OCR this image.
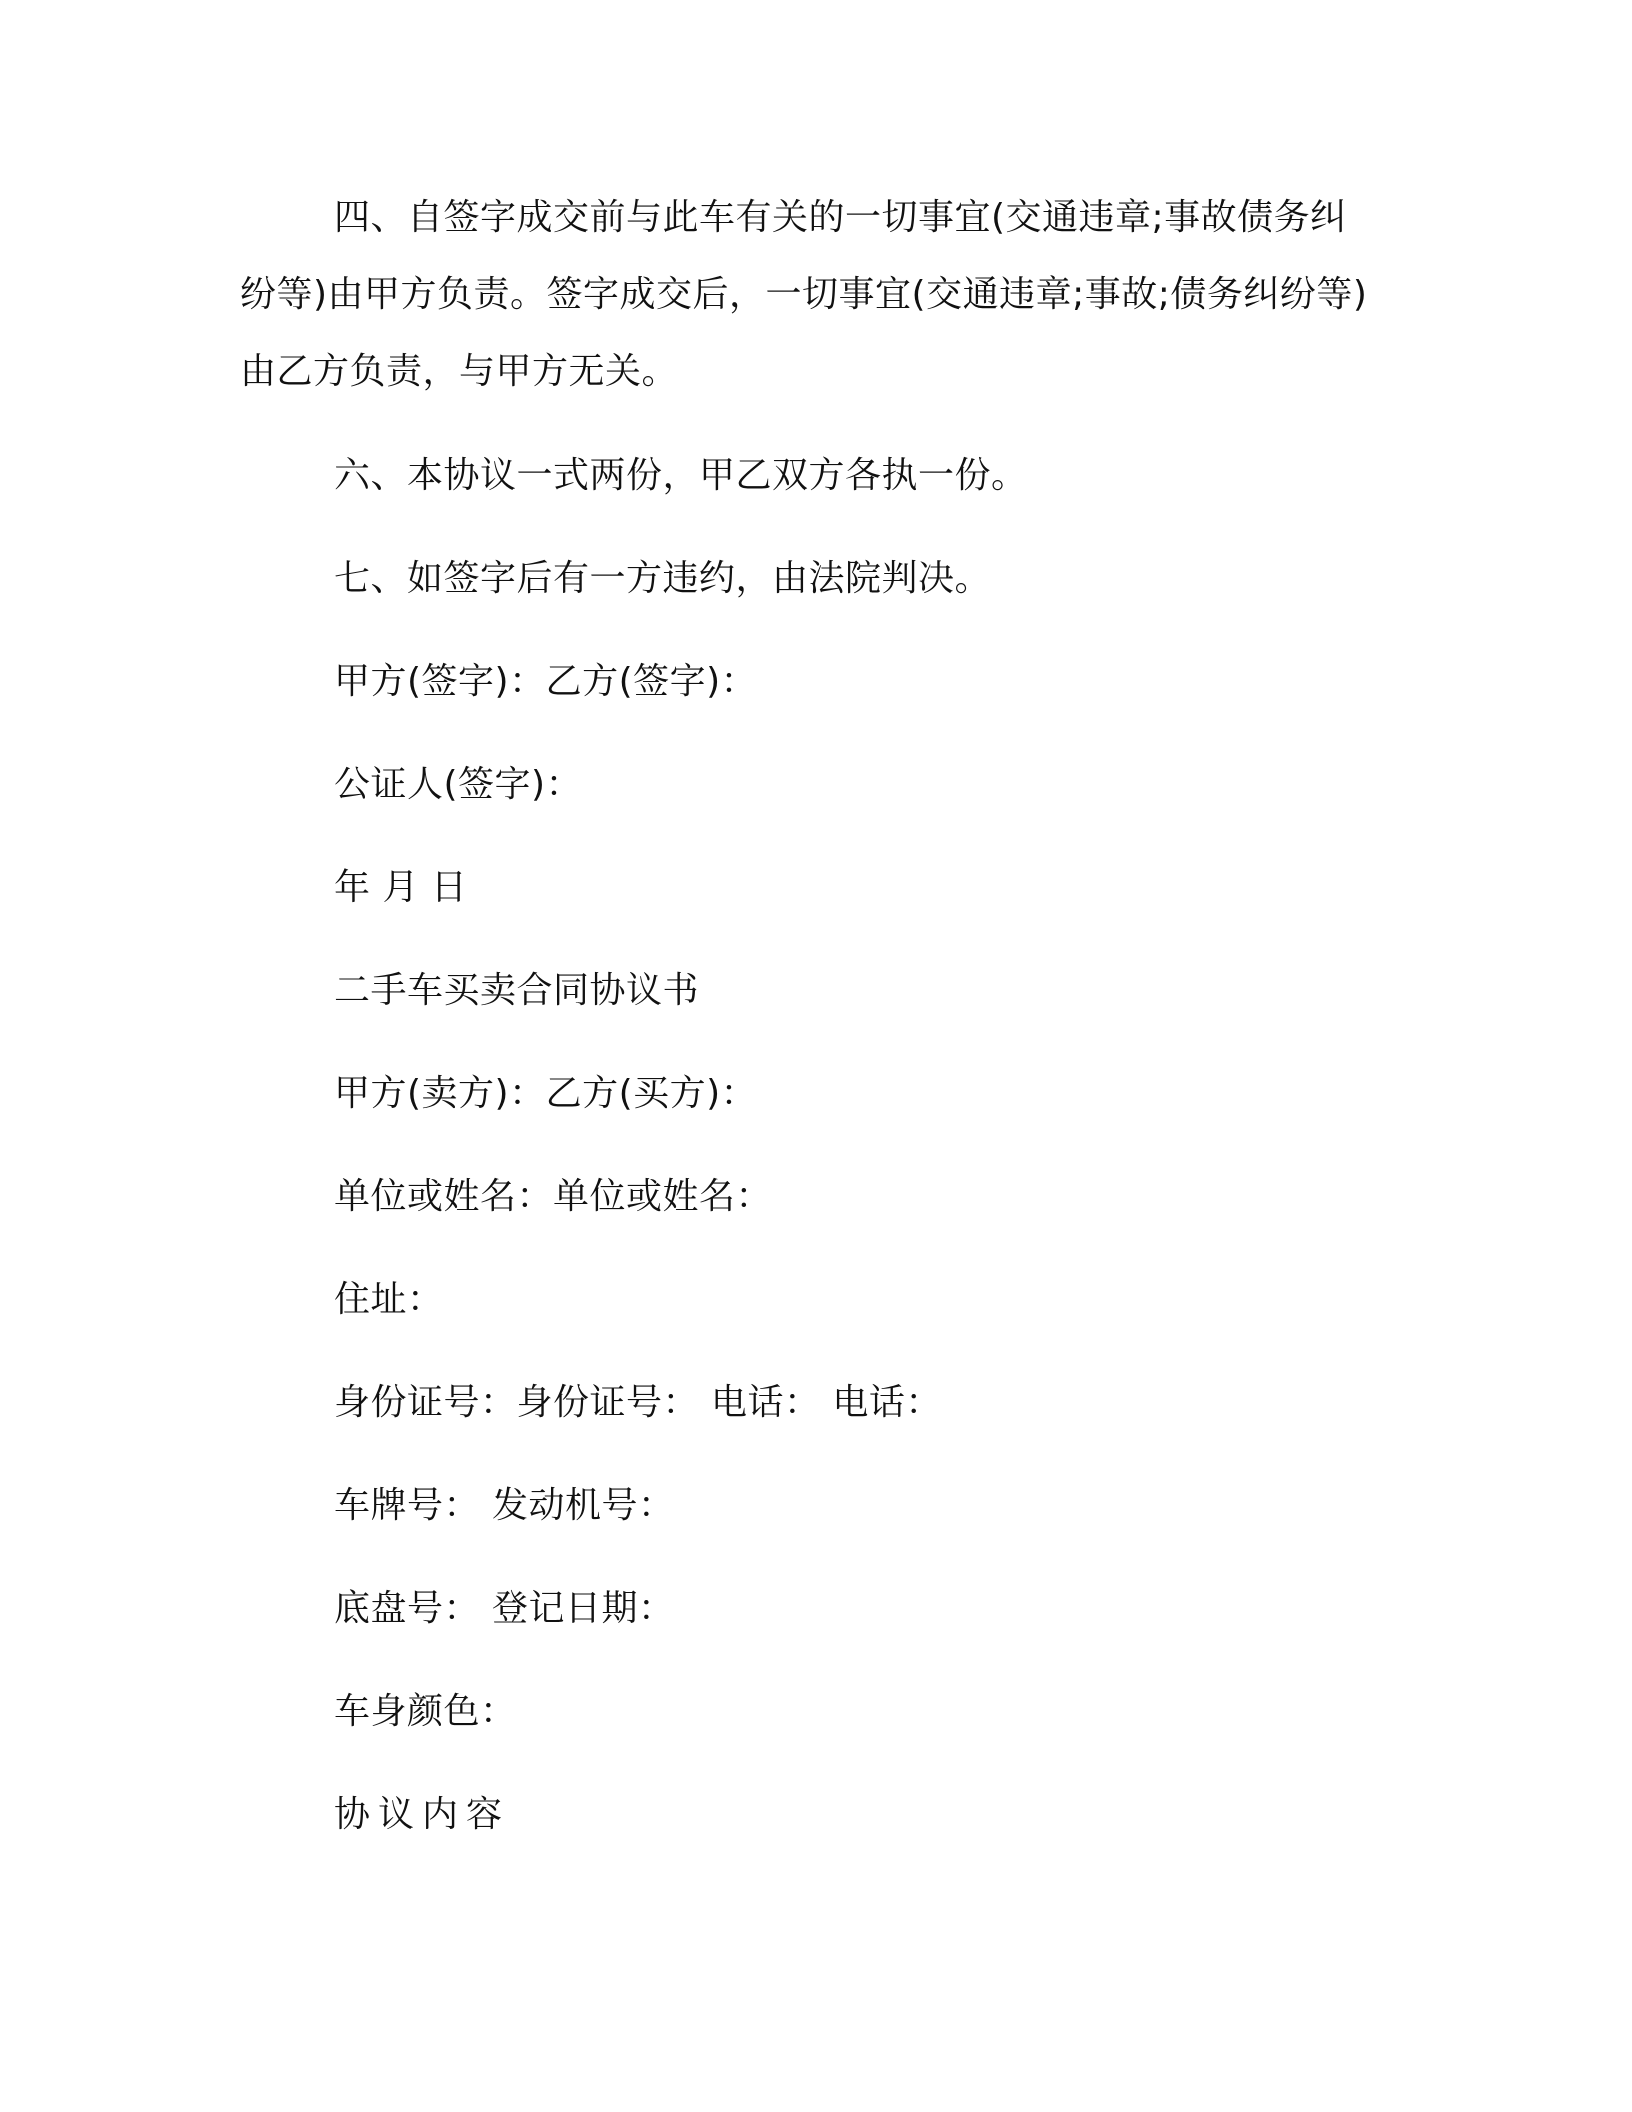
四、自签字成交前与此车有关的一切事宜(交通违章;事故债务纠
纷等)由甲方负责。签字成交后，一切事宜(交通违章;事故;债务纠纷等)
由乙方负责，与甲方无关。
六、本协议一式两份，甲乙双方各执一份。
七、如签字后有一方违约，由法院判决。
甲方(签字)：乙方(签字)：
公证人(签字)：
年 月 日
二手车买卖合同协议书
甲方(卖方)：乙方(买方)：
单位或姓名：单位或姓名：
住址：
身份证号：身份证号： 电话： 电话：
车牌号： 发动机号：
底盘号： 登记日期：
车身颜色：
协议内容
